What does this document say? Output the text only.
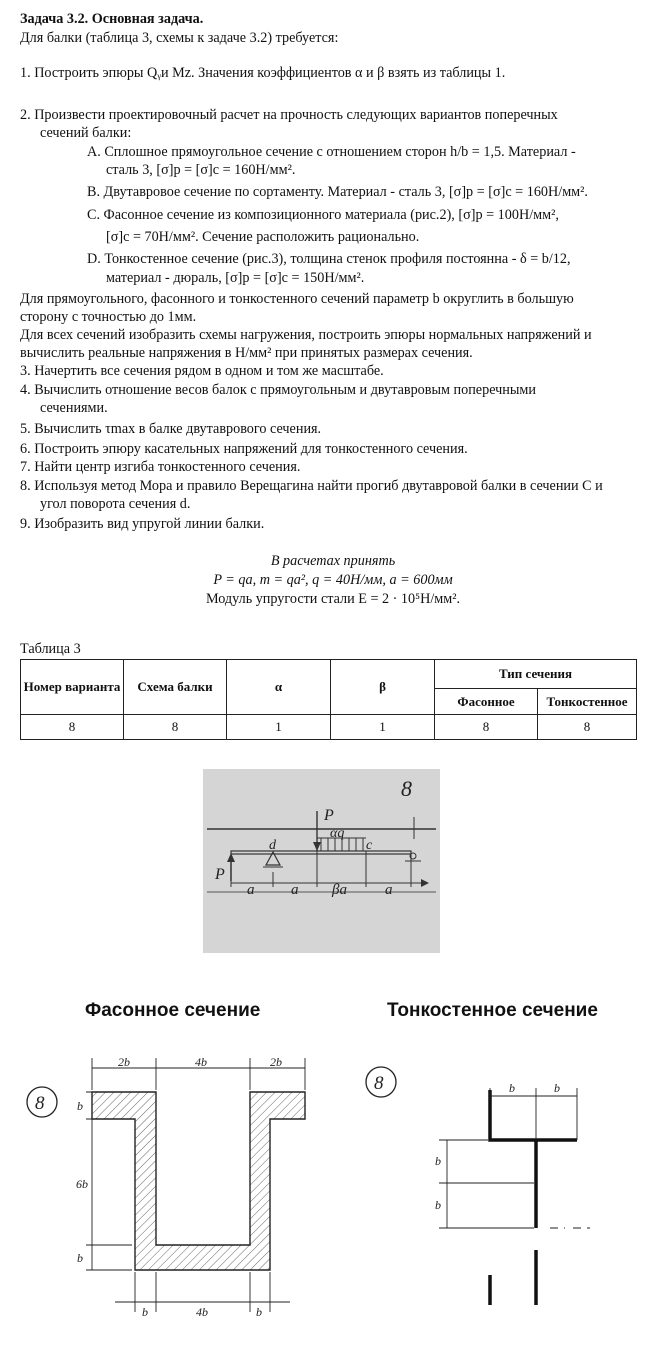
Задача 3.2. Основная задача.
Для балки (таблица 3, схемы к задаче 3.2) требуется:
1. Построить эпюры Qᵧи Mz. Значения коэффициентов α и β взять из таблицы 1.
2. Произвести проектировочный расчет на прочность следующих вариантов поперечных
сечений балки:
A. Сплошное прямоугольное сечение с отношением сторон h/b = 1,5. Материал -
сталь 3, [σ]p = [σ]c = 160Н/мм².
B. Двутавровое сечение по сортаменту. Материал - сталь 3, [σ]p = [σ]c = 160Н/мм².
C. Фасонное сечение из композиционного материала (рис.2), [σ]p = 100Н/мм²,
[σ]c = 70Н/мм². Сечение расположить рационально.
D. Тонкостенное сечение (рис.3), толщина стенок профиля постоянна - δ = b/12,
материал - дюраль, [σ]p = [σ]c = 150Н/мм².
Для прямоугольного, фасонного и тонкостенного сечений параметр b округлить в большую
сторону с точностью до 1мм.
Для всех сечений изобразить схемы нагружения, построить эпюры нормальных напряжений и
вычислить реальные напряжения в Н/мм² при принятых размерах сечения.
3. Начертить все сечения рядом в одном и том же масштабе.
4. Вычислить отношение весов балок с прямоугольным и двутавровым поперечными
сечениями.
5. Вычислить τmax в балке двутаврового сечения.
6. Построить эпюру касательных напряжений для тонкостенного сечения.
7. Найти центр изгиба тонкостенного сечения.
8. Используя метод Мора и правило Верещагина найти прогиб двутавровой балки в сечении C и
угол поворота сечения d.
9. Изобразить вид упругой линии балки.
В расчетах принять
P = qa, m = qa², q = 40Н/мм, a = 600мм
Модуль упругости стали E = 2 · 10⁵Н/мм².
Таблица 3
Номер варианта	Схема балки	α	β	Тип сечения	
				Фасонное	Тонкостенное
8	8	1	1	8	8
8
P
P
d
αq
c
a a βa	a
Фасонное сечение	Тонкостенное сечение
8
2b	4b	2b
b
6b
b
b	4b	b
8	b	b
b
b
